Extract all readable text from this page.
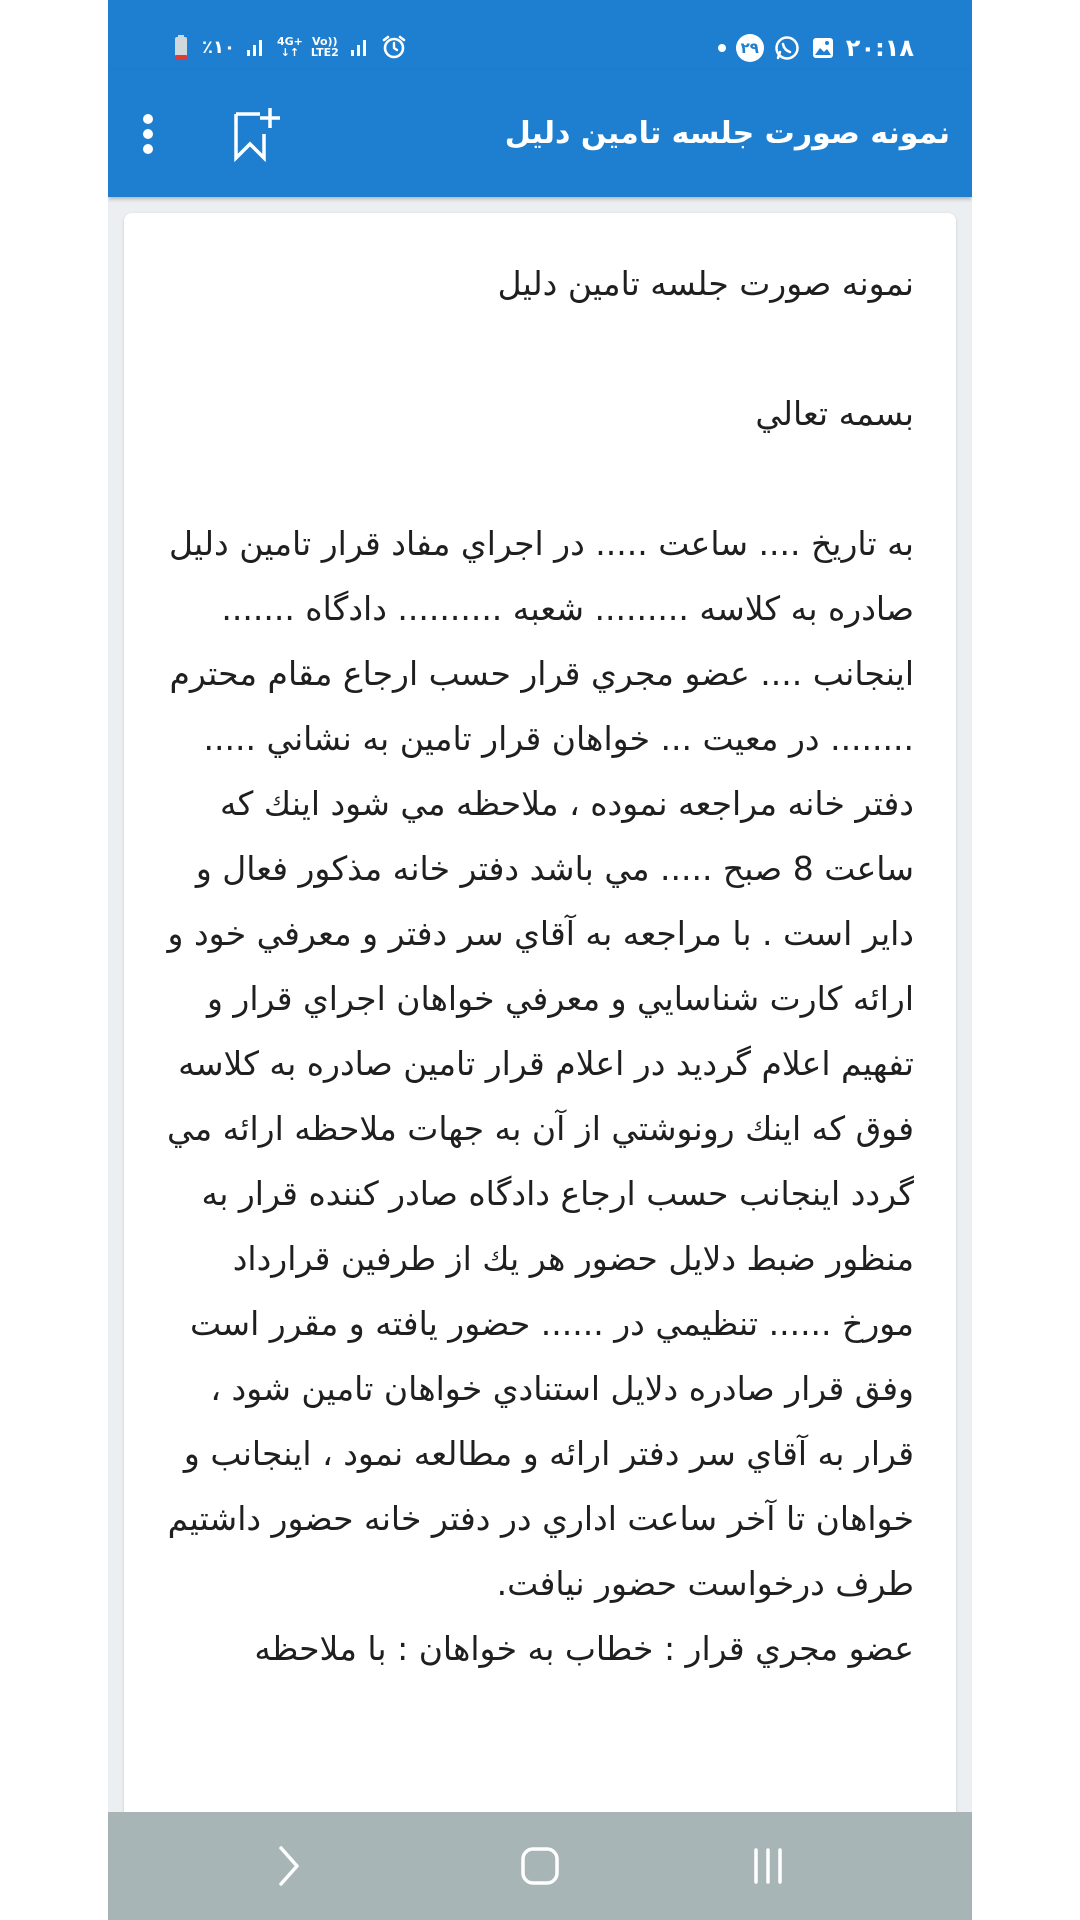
۲۹	۲۰:۱۸
٪۱۰	4G+
↓↑
Vo))
LTE2
نمونه صورت جلسه تامین دلیل

نمونه صورت جلسه تامين دليل

بسمه تعالي

به تاريخ .... ساعت ..... در اجراي مفاد قرار تامين دليل صادره به كلاسه ......... شعبه .......... دادگاه ....... اينجانب .... عضو مجري قرار حسب ارجاع مقام محترم ........ در معيت ... خواهان قرار تامين به نشاني ..... دفتر خانه مراجعه نموده ، ملاحظه مي شود اينك كه ساعت 8 صبح ..... مي باشد دفتر خانه مذكور فعال و داير است . با مراجعه به آقاي سر دفتر و معرفي خود و ارائه كارت شناسايي و معرفي خواهان اجراي قرار و تفهيم اعلام گرديد در اعلام قرار تامين صادره به كلاسه فوق كه اينك رونوشتي از آن به جهات ملاحظه ارائه مي گردد اينجانب حسب ارجاع دادگاه صادر كننده قرار به منظور ضبط دلايل حضور هر يك از طرفين قرارداد مورخ ...... تنظيمي در ...... حضور يافته و مقرر است وفق قرار صادره دلايل استنادي خواهان تامين شود ، قرار به آقاي سر دفتر ارائه و مطالعه نمود ، اينجانب و خواهان تا آخر ساعت اداري در دفتر خانه حضور داشتيم طرف درخواست حضور نيافت.

عضو مجري قرار : خطاب به خواهان : با ملاحظه
